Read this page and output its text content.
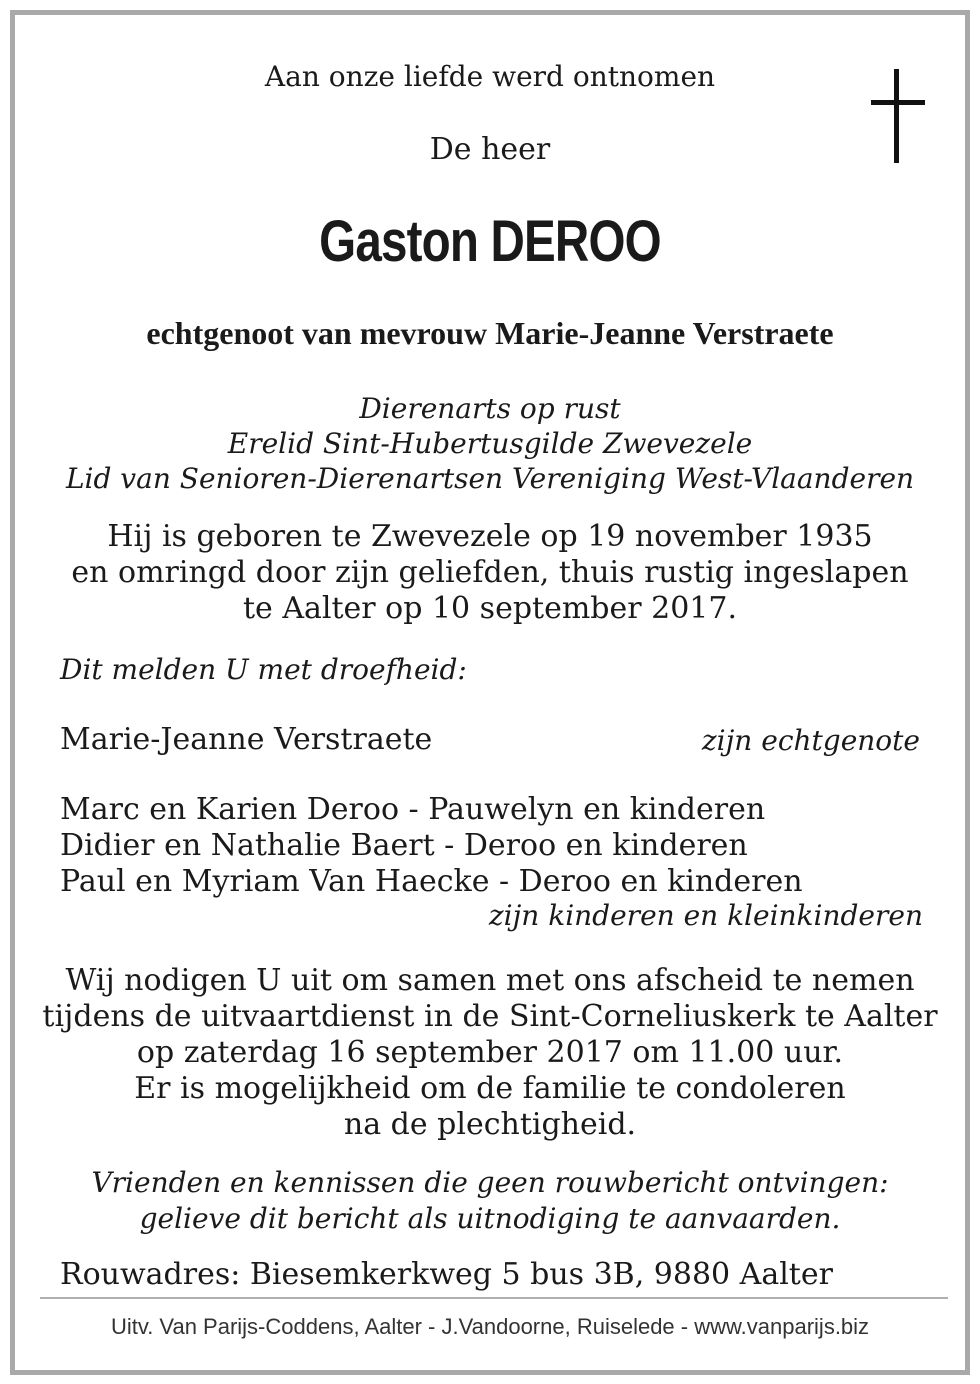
Aan onze liefde werd ontnomen
De heer
Gaston DEROO
echtgenoot van mevrouw Marie-Jeanne Verstraete
Dierenarts op rust
Erelid Sint-Hubertusgilde Zwevezele
Lid van Senioren-Dierenartsen Vereniging West-Vlaanderen
Hij is geboren te Zwevezele op 19 november 1935
en omringd door zijn geliefden, thuis rustig ingeslapen
te Aalter op 10 september 2017.
Dit melden U met droefheid:
Marie-Jeanne Verstraete	zijn echtgenote
Marc en Karien Deroo - Pauwelyn en kinderen
Didier en Nathalie Baert - Deroo en kinderen
Paul en Myriam Van Haecke - Deroo en kinderen
zijn kinderen en kleinkinderen
Wij nodigen U uit om samen met ons afscheid te nemen
tijdens de uitvaartdienst in de Sint-Corneliuskerk te Aalter
op zaterdag 16 september 2017 om 11.00 uur.
Er is mogelijkheid om de familie te condoleren
na de plechtigheid.
Vrienden en kennissen die geen rouwbericht ontvingen:
gelieve dit bericht als uitnodiging te aanvaarden.
Rouwadres: Biesemkerkweg 5 bus 3B, 9880 Aalter
Uitv. Van Parijs-Coddens, Aalter - J.Vandoorne, Ruiselede - www.vanparijs.biz
